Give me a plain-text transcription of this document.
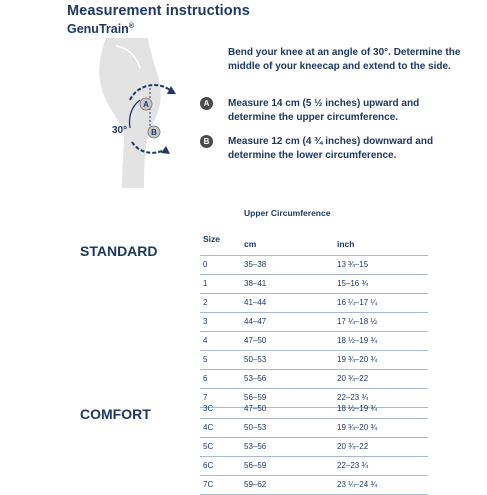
Measurement instructions
GenuTrain®
A
B
30°
Bend your knee at an angle of 30°. Determine the middle of your kneecap and extend to the side.
A	Measure 14 cm (5 ½ inches) upward and determine the upper circumference.
B	Measure 12 cm (4 ¾ inches) downward and determine the lower circumference.
Upper Circumference
Size	cm	inch
STANDARD
0	35–38	13 ¾–15
1	38–41	15–16 ¾
2	41–44	16 ¼–17 ¼
3	44–47	17 ¼–18 ½
4	47–50	18 ½–19 ¾
5	50–53	19 ¾–20 ¾
6	53–56	20 ¾–22
7	56–59	22–23 ¾
COMFORT	3C	47–50	18 ½–19 ¾
4C	50–53	19 ¾–20 ¾
5C	53–56	20 ¾–22
6C	56–59	22–23 ¾
7C	59–62	23 ¼–24 ¾
